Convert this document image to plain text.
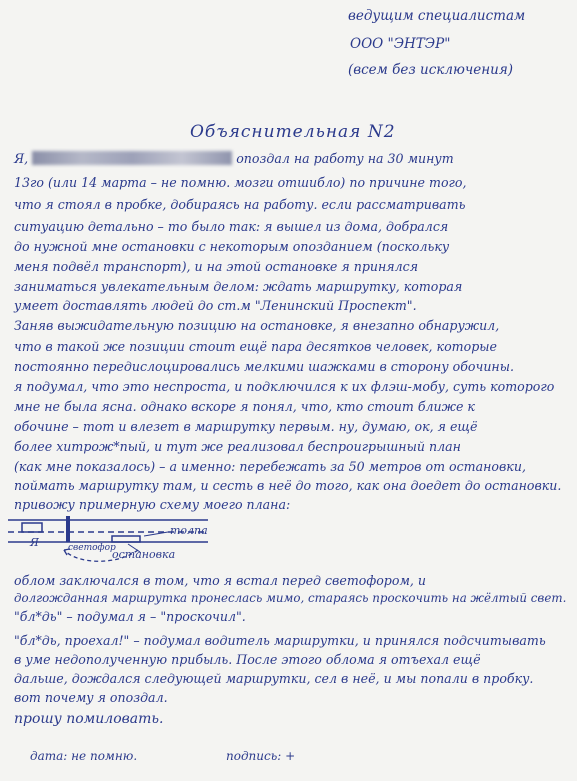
ведущим специалистам
ООО "ЭНТЭР"
(всем без исключения)
Объяснительная N2
Я,	опоздал на работу на 30 минут
13го (или 14 марта – не помню. мозги отшибло) по причине того,
что я стоял в пробке, добираясь на работу. если рассматривать
ситуацию детально – то было так: я вышел из дома, добрался
до нужной мне остановки с некоторым опозданием (поскольку
меня подвёл транспорт), и на этой остановке я принялся
заниматься увлекательным делом: ждать маршрутку, которая
умеет доставлять людей до ст.м "Ленинский Проспект".
Заняв выжидательную позицию на остановке, я внезапно обнаружил,
что в такой же позиции стоит ещё пара десятков человек, которые
постоянно передислоцировались мелкими шажками в сторону обочины.
я подумал, что это неспроста, и подключился к их флэш-мобу, суть которого
мне не была ясна. однако вскоре я понял, что, кто стоит ближе к
обочине – тот и влезет в маршрутку первым. ну, думаю, ок, я ещё
более хитрож*пый, и тут же реализовал беспроигрышный план
(как мне показалось) – а именно: перебежать за 50 метров от остановки,
поймать маршрутку там, и сесть в неё до того, как она доедет до остановки.
привожу примерную схему моего плана:
Я	светофор
толпа
остановка
облом заключался в том, что я встал перед светофором, и
долгожданная маршрутка пронеслась мимо, стараясь проскочить на жёлтый свет.
"бл*дь" – подумал я – "проскочил".
"бл*дь, проехал!" – подумал водитель маршрутки, и принялся подсчитывать
в уме недополученную прибыль. После этого облома я отъехал ещё
дальше, дождался следующей маршрутки, сел в неё, и мы попали в пробку.
вот почему я опоздал.
прошу помиловать.
дата: не помню.	подпись: +
